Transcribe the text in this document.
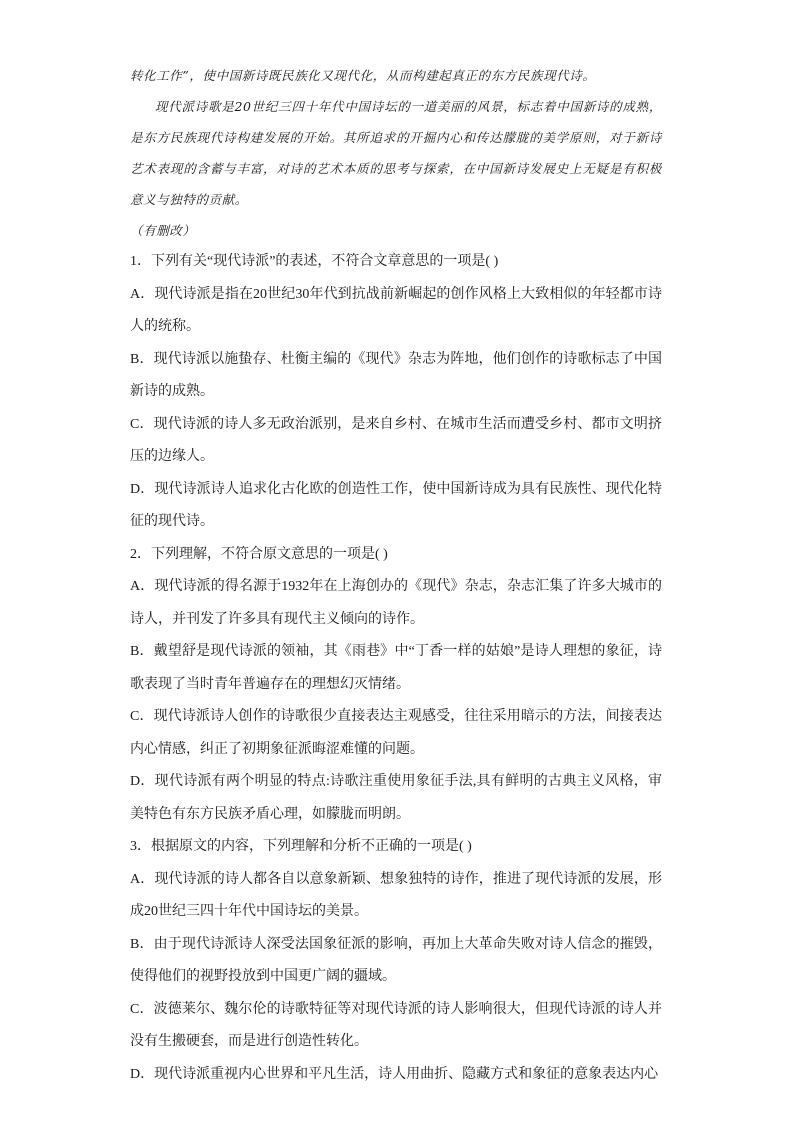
转化工作”，使中国新诗既民族化又现代化，从而构建起真正的东方民族现代诗。

现代派诗歌是20世纪三四十年代中国诗坛的一道美丽的风景，标志着中国新诗的成熟，是东方民族现代诗构建发展的开始。其所追求的开掘内心和传达朦胧的美学原则，对于新诗艺术表现的含蓄与丰富，对诗的艺术本质的思考与探索，在中国新诗发展史上无疑是有积极意义与独特的贡献。

（有删改）

1．下列有关“现代诗派”的表述，不符合文章意思的一项是( )

A．现代诗派是指在20世纪30年代到抗战前新崛起的创作风格上大致相似的年轻都市诗人的统称。

B．现代诗派以施蛰存、杜衡主编的《现代》杂志为阵地，他们创作的诗歌标志了中国新诗的成熟。

C．现代诗派的诗人多无政治派别，是来自乡村、在城市生活而遭受乡村、都市文明挤压的边缘人。

D．现代诗派诗人追求化古化欧的创造性工作，使中国新诗成为具有民族性、现代化特征的现代诗。

2．下列理解，不符合原文意思的一项是( )

A．现代诗派的得名源于1932年在上海创办的《现代》杂志，杂志汇集了许多大城市的诗人，并刊发了许多具有现代主义倾向的诗作。

B．戴望舒是现代诗派的领袖，其《雨巷》中“丁香一样的姑娘”是诗人理想的象征，诗歌表现了当时青年普遍存在的理想幻灭情绪。

C．现代诗派诗人创作的诗歌很少直接表达主观感受，往往采用暗示的方法，间接表达内心情感，纠正了初期象征派晦涩难懂的问题。

D．现代诗派有两个明显的特点:诗歌注重使用象征手法,具有鲜明的古典主义风格，审美特色有东方民族矛盾心理，如朦胧而明朗。

3．根据原文的内容，下列理解和分析不正确的一项是( )

A．现代诗派的诗人都各自以意象新颖、想象独特的诗作，推进了现代诗派的发展，形成20世纪三四十年代中国诗坛的美景。

B．由于现代诗派诗人深受法国象征派的影响，再加上大革命失败对诗人信念的摧毁，使得他们的视野投放到中国更广阔的疆域。

C．波德莱尔、魏尔伦的诗歌特征等对现代诗派的诗人影响很大，但现代诗派的诗人并没有生搬硬套，而是进行创造性转化。

D．现代诗派重视内心世界和平凡生活，诗人用曲折、隐藏方式和象征的意象表达内心
